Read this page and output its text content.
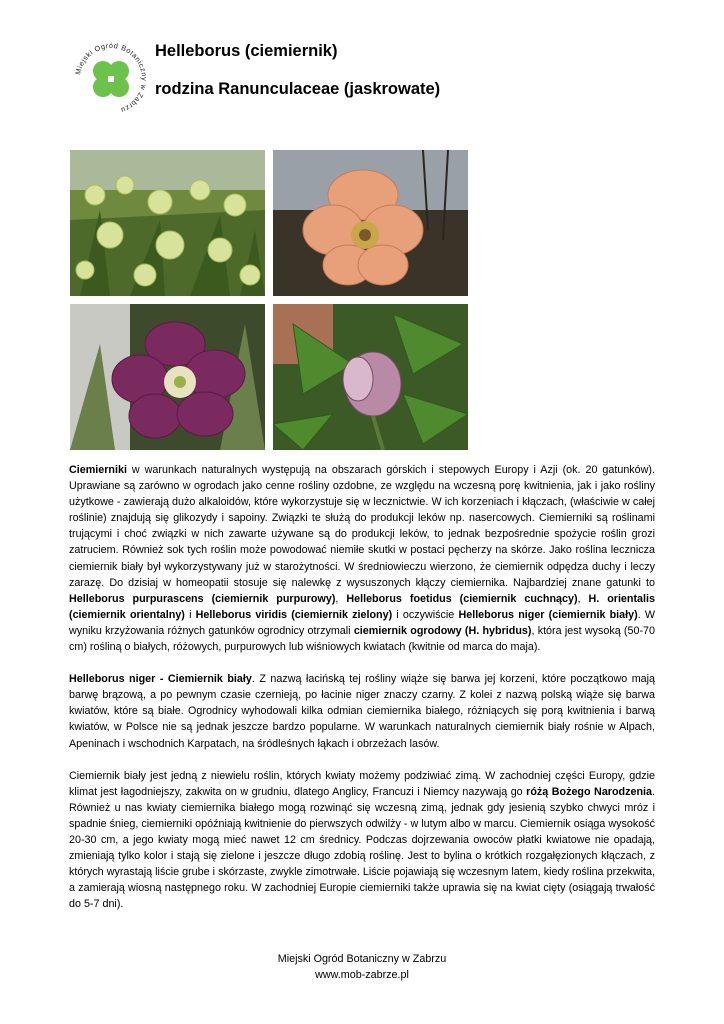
Miejski Ogród Botaniczny w Zabrzu
Helleborus (ciemiernik)
rodzina Ranunculaceae (jaskrowate)

Ciemierniki w warunkach naturalnych występują na obszarach górskich i stepowych Europy i Azji (ok. 20 gatunków). Uprawiane są zarówno w ogrodach jako cenne rośliny ozdobne, ze względu na wczesną porę kwitnienia, jak i jako rośliny użytkowe - zawierają dużo alkaloidów, które wykorzystuje się w lecznictwie. W ich korzeniach i kłączach, (właściwie w całej roślinie) znajdują się glikozydy i sapoiny. Związki te służą do produkcji leków np. nasercowych. Ciemierniki są roślinami trującymi i choć związki w nich zawarte używane są do produkcji leków, to jednak bezpośrednie spożycie roślin grozi zatruciem. Również sok tych roślin może powodować niemiłe skutki w postaci pęcherzy na skórze. Jako roślina lecznicza ciemiernik biały był wykorzystywany już w starożytności. W średniowieczu wierzono, że ciemiernik odpędza duchy i leczy zarazę. Do dzisiaj w homeopatii stosuje się nalewkę z wysuszonych kłączy ciemiernika. Najbardziej znane gatunki to Helleborus purpurascens (ciemiernik purpurowy), Helleborus foetidus (ciemiernik cuchnący), H. orientalis (ciemiernik orientalny) i Helleborus viridis (ciemiernik zielony) i oczywiście Helleborus niger (ciemiernik biały). W wyniku krzyżowania różnych gatunków ogrodnicy otrzymali ciemiernik ogrodowy (H. hybridus), która jest wysoką (50-70 cm) rośliną o białych, różowych, purpurowych lub wiśniowych kwiatach (kwitnie od marca do maja).

Helleborus niger - Ciemiernik biały. Z nazwą łacińską tej rośliny wiąże się barwa jej korzeni, które początkowo mają barwę brązową, a po pewnym czasie czernieją, po łacinie niger znaczy czarny. Z kolei z nazwą polską wiąże się barwa kwiatów, które są białe. Ogrodnicy wyhodowali kilka odmian ciemiernika białego, różniących się porą kwitnienia i barwą kwiatów, w Polsce nie są jednak jeszcze bardzo popularne. W warunkach naturalnych ciemiernik biały rośnie w Alpach, Apeninach i wschodnich Karpatach, na śródleśnych łąkach i obrzeżach lasów.

Ciemiernik biały jest jedną z niewielu roślin, których kwiaty możemy podziwiać zimą. W zachodniej części Europy, gdzie klimat jest łagodniejszy, zakwita on w grudniu, dlatego Anglicy, Francuzi i Niemcy nazywają go różą Bożego Narodzenia. Również u nas kwiaty ciemiernika białego mogą rozwinąć się wczesną zimą, jednak gdy jesienią szybko chwyci mróz i spadnie śnieg, ciemierniki opóźniają kwitnienie do pierwszych odwilży - w lutym albo w marcu. Ciemiernik osiąga wysokość 20-30 cm, a jego kwiaty mogą mieć nawet 12 cm średnicy. Podczas dojrzewania owoców płatki kwiatowe nie opadają, zmieniają tylko kolor i stają się zielone i jeszcze długo zdobią roślinę. Jest to bylina o krótkich rozgałęzionych kłączach, z których wyrastają liście grube i skórzaste, zwykle zimotrwałe. Liście pojawiają się wczesnym latem, kiedy roślina przekwita, a zamierają wiosną następnego roku. W zachodniej Europie ciemierniki także uprawia się na kwiat cięty (osiągają trwałość do 5-7 dni).

Miejski Ogród Botaniczny w Zabrzu
www.mob-zabrze.pl
